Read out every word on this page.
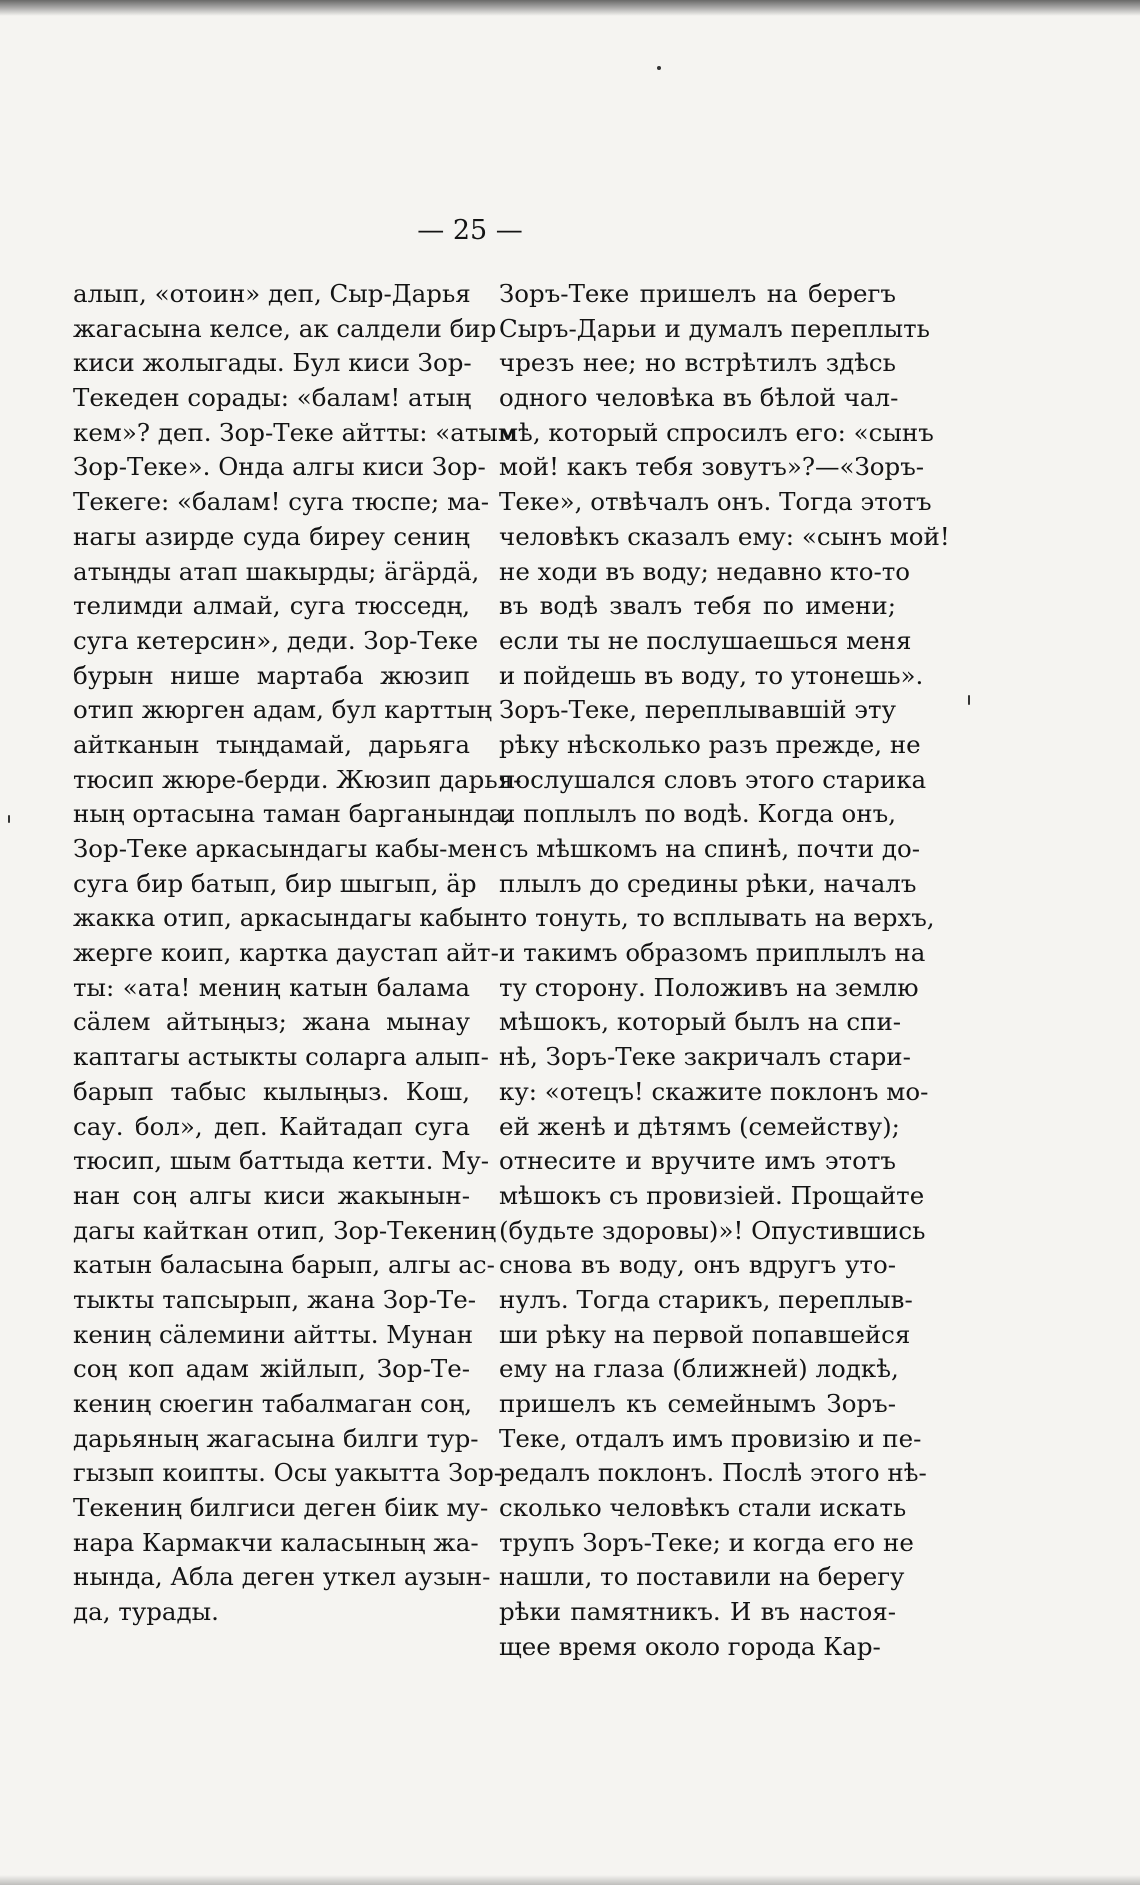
— 25 —
алып, «отоин» деп, Сыр-Дарья
жагасына келсе, ак салдели бир
киси жолыгады. Бул киси Зор-
Текеден сорады: «балам! атың
кем»? деп. Зор-Теке айтты: «атым
Зор-Теке». Онда алгы киси Зор-
Текеге: «балам! суга тюспе; ма-
нагы азирде суда биреу сениң
атыңды атап шакырды; äгäрдä,
телимди алмай, суга тюсседң,
суга кетерсин», деди. Зор-Теке
бурын нише мартаба жюзип
отип жюрген адам, бул карттың
айтканын тыңдамай, дарьяга
тюсип жюре-берди. Жюзип дарья-
ның ортасына таман барганында,
Зор-Теке аркасындагы кабы-мен
суга бир батып, бир шыгып, äр
жакка отип, аркасындагы кабын
жерге коип, картка даустап айт-
ты: «ата! мениң катын балама
сäлем айтыңыз; жана мынау
каптагы астыкты соларга алып-
барып табыс кылыңыз. Кош,
сау. бол», деп. Кайтадап суга
тюсип, шым баттыда кетти. Му-
нан соң алгы киси жакынын-
дагы кайткан отип, Зор-Текениң
катын баласына барып, алгы ас-
тыкты тапсырып, жана Зор-Те-
кениң сäлемини айтты. Мунан
соң коп адам жійлып, Зор-Те-
кениң сюегин табалмаган соң,
дарьяның жагасына билги тур-
гызып коипты. Осы уакытта Зор-
Текениң билгиси деген біик му-
нара Кармакчи каласының жа-
нында, Абла деген уткел аузын-
да, турады.
Зоръ-Теке пришелъ на берегъ
Сыръ-Дарьи и думалъ переплыть
чрезъ нее; но встрѣтилъ здѣсь
одного человѣка въ бѣлой чал-
мѣ, который спросилъ его: «сынъ
мой! какъ тебя зовутъ»?—«Зоръ-
Теке», отвѣчалъ онъ. Тогда этотъ
человѣкъ сказалъ ему: «сынъ мой!
не ходи въ воду; недавно кто-то
въ водѣ звалъ тебя по имени;
если ты не послушаешься меня
и пойдешь въ воду, то утонешь».
Зоръ-Теке, переплывавшій эту
рѣку нѣсколько разъ прежде, не
послушался словъ этого старика
и поплылъ по водѣ. Когда онъ,
съ мѣшкомъ на спинѣ, почти до-
плылъ до средины рѣки, началъ
то тонуть, то всплывать на верхъ,
и такимъ образомъ приплылъ на
ту сторону. Положивъ на землю
мѣшокъ, который былъ на спи-
нѣ, Зоръ-Теке закричалъ стари-
ку: «отецъ! скажите поклонъ мо-
ей женѣ и дѣтямъ (семейству);
отнесите и вручите имъ этотъ
мѣшокъ съ провизіей. Прощайте
(будьте здоровы)»! Опустившись
снова въ воду, онъ вдругъ уто-
нулъ. Тогда старикъ, переплыв-
ши рѣку на первой попавшейся
ему на глаза (ближней) лодкѣ,
пришелъ къ семейнымъ Зоръ-
Теке, отдалъ имъ провизію и пе-
редалъ поклонъ. Послѣ этого нѣ-
сколько человѣкъ стали искать
трупъ Зоръ-Теке; и когда его не
нашли, то поставили на берегу
рѣки памятникъ. И въ настоя-
щее время около города Кар-
